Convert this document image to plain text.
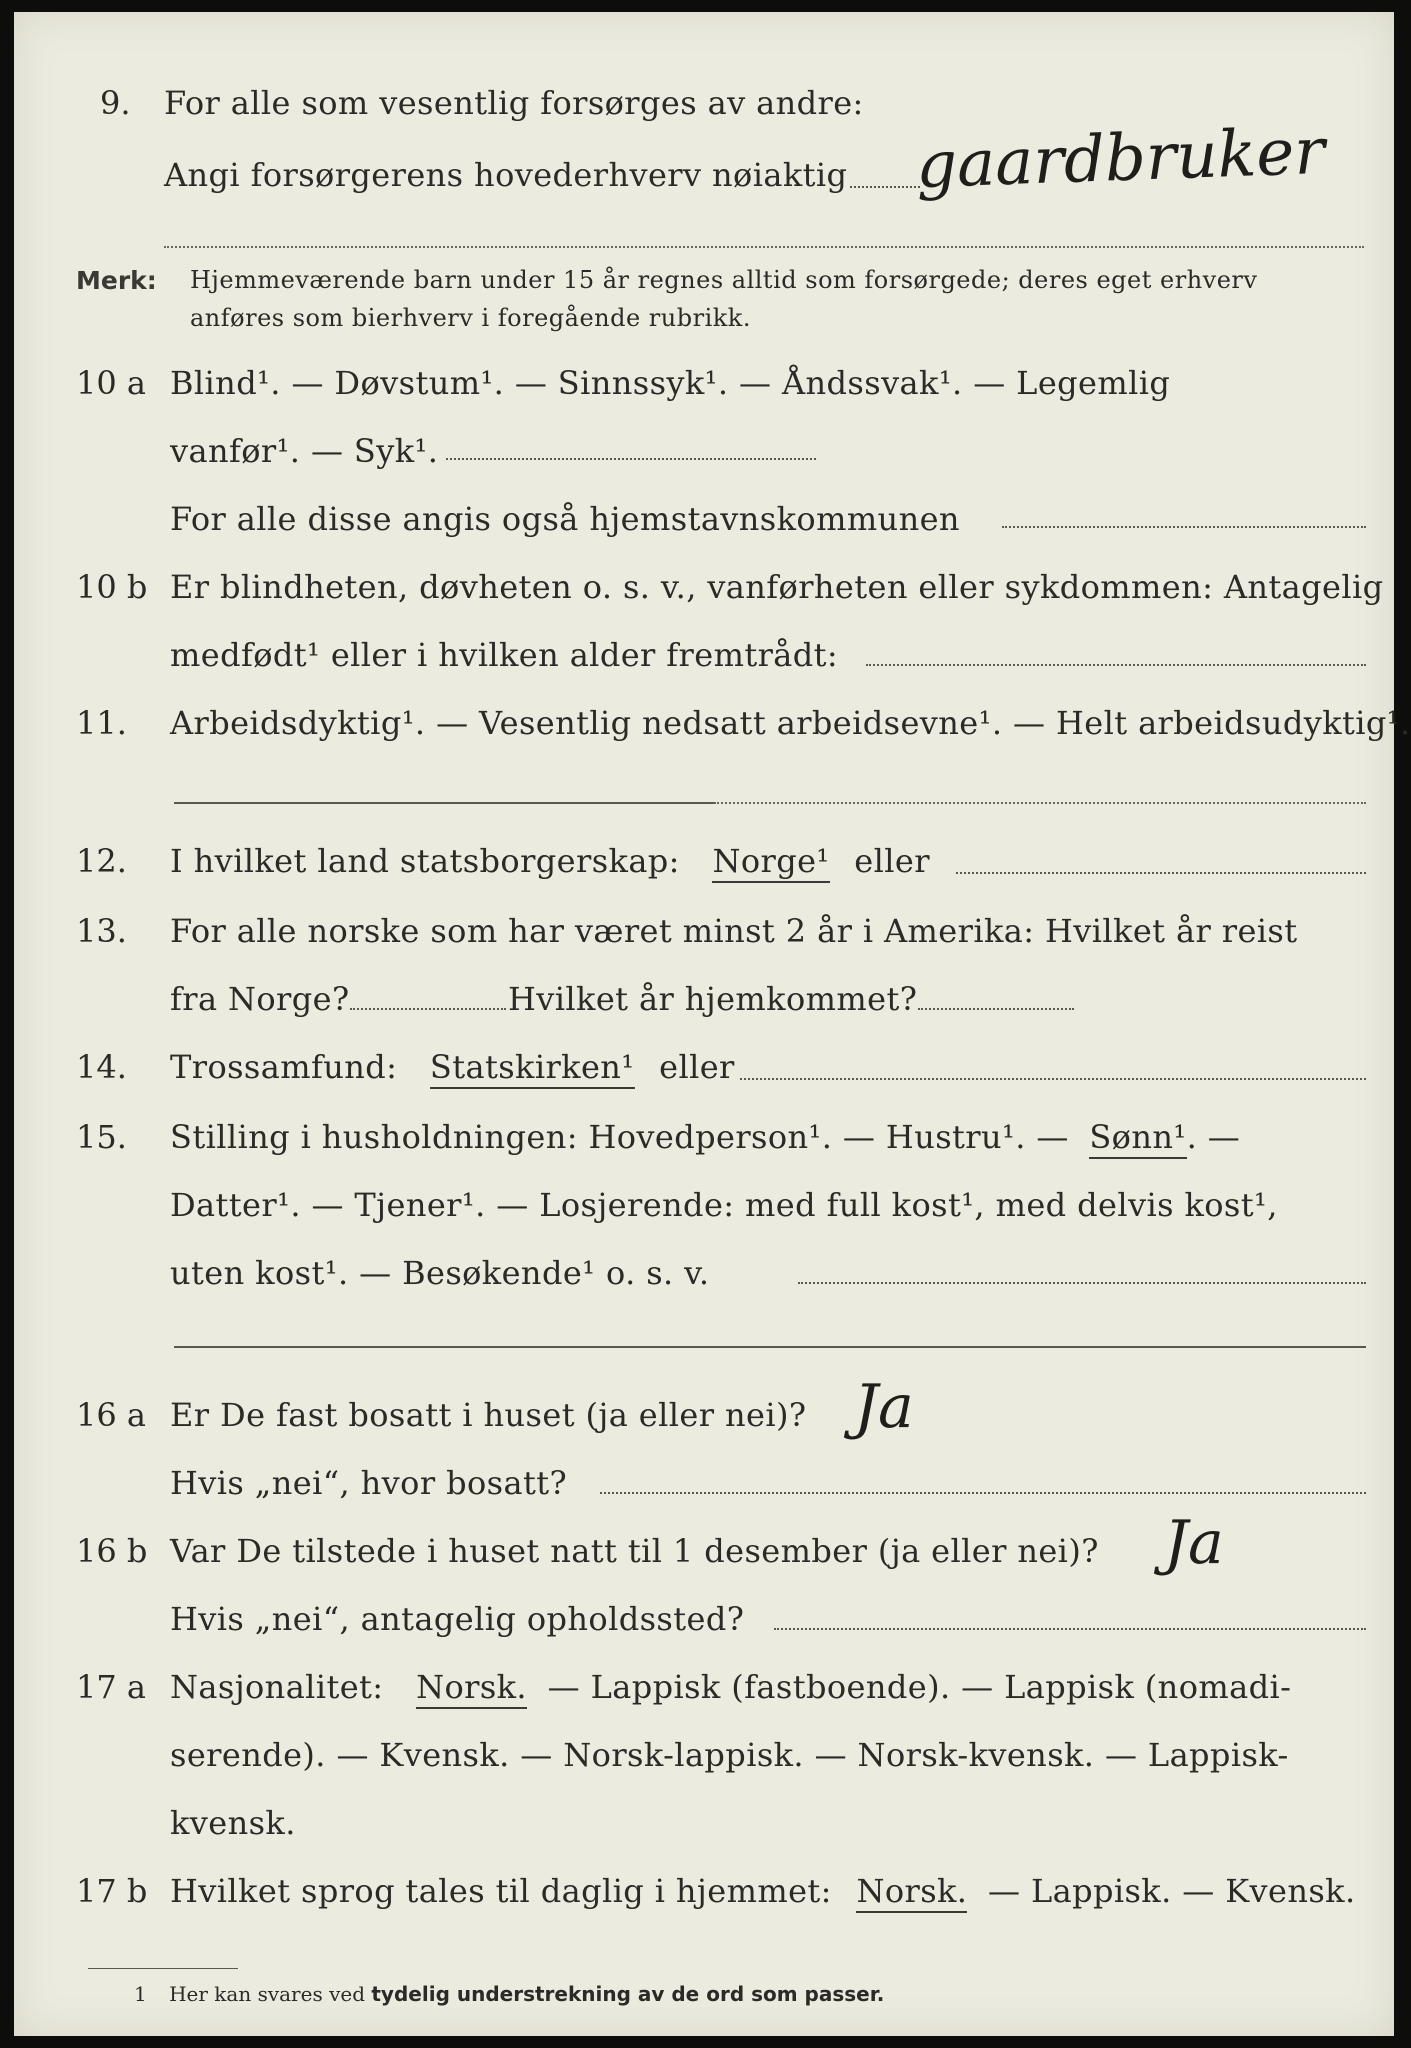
9. For alle som vesentlig forsørges av andre:
Angi forsørgerens hovederhverv nøiaktig gaardbruker
Merk: Hjemmeværende barn under 15 år regnes alltid som forsørgede; deres eget erhverv
anføres som bierhverv i foregående rubrikk.
10 a Blind¹. — Døvstum¹. — Sinnssyk¹. — Åndssvak¹. — Legemlig
vanfør¹. — Syk¹.
For alle disse angis også hjemstavnskommunen
10 b Er blindheten, døvheten o. s. v., vanførheten eller sykdommen: Antagelig
medfødt¹ eller i hvilken alder fremtrådt:
11. Arbeidsdyktig¹. — Vesentlig nedsatt arbeidsevne¹. — Helt arbeidsudyktig¹.
12. I hvilket land statsborgerskap: Norge¹ eller
13. For alle norske som har været minst 2 år i Amerika: Hvilket år reist
fra Norge?	Hvilket år hjemkommet?
14. Trossamfund: Statskirken¹ eller
15. Stilling i husholdningen: Hovedperson¹. — Hustru¹. — Sønn¹. —
Datter¹. — Tjener¹. — Losjerende: med full kost¹, med delvis kost¹,
uten kost¹. — Besøkende¹ o. s. v.
16 a Er De fast bosatt i huset (ja eller nei)? Ja
Hvis „nei“, hvor bosatt?
16 b Var De tilstede i huset natt til 1 desember (ja eller nei)? Ja
Hvis „nei“, antagelig opholdssted?
17 a Nasjonalitet: Norsk. — Lappisk (fastboende). — Lappisk (nomadi-
serende). — Kvensk. — Norsk-lappisk. — Norsk-kvensk. — Lappisk-
kvensk.
17 b Hvilket sprog tales til daglig i hjemmet: Norsk. — Lappisk. — Kvensk.
1 Her kan svares ved tydelig understrekning av de ord som passer.
